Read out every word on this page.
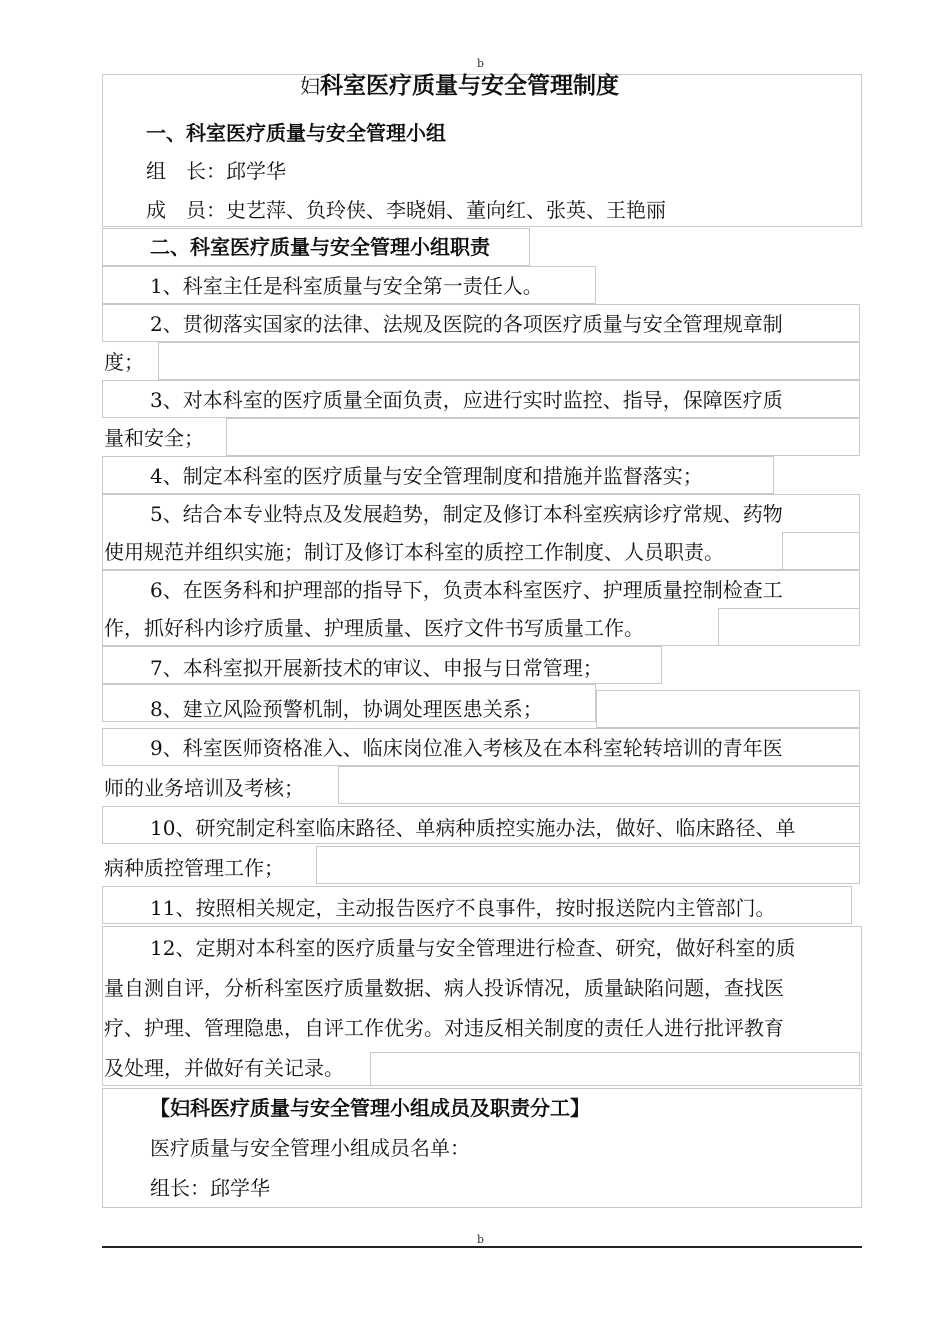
b
妇科室医疗质量与安全管理制度
一、科室医疗质量与安全管理小组
组　长：邱学华
成　员：史艺萍、负玲侠、李晓娟、董向红、张英、王艳丽
二、科室医疗质量与安全管理小组职责
1、科室主任是科室质量与安全第一责任人。
2、贯彻落实国家的法律、法规及医院的各项医疗质量与安全管理规章制
度；
3、对本科室的医疗质量全面负责，应进行实时监控、指导，保障医疗质
量和安全；
4、制定本科室的医疗质量与安全管理制度和措施并监督落实；
5、结合本专业特点及发展趋势，制定及修订本科室疾病诊疗常规、药物
使用规范并组织实施；制订及修订本科室的质控工作制度、人员职责。
6、在医务科和护理部的指导下，负责本科室医疗、护理质量控制检查工
作，抓好科内诊疗质量、护理质量、医疗文件书写质量工作。
7、本科室拟开展新技术的审议、申报与日常管理；
8、建立风险预警机制，协调处理医患关系；
9、科室医师资格准入、临床岗位准入考核及在本科室轮转培训的青年医
师的业务培训及考核；
10、研究制定科室临床路径、单病种质控实施办法，做好、临床路径、单
病种质控管理工作；
11、按照相关规定，主动报告医疗不良事件，按时报送院内主管部门。
12、定期对本科室的医疗质量与安全管理进行检查、研究，做好科室的质
量自测自评，分析科室医疗质量数据、病人投诉情况，质量缺陷问题，查找医
疗、护理、管理隐患，自评工作优劣。对违反相关制度的责任人进行批评教育
及处理，并做好有关记录。
【妇科医疗质量与安全管理小组成员及职责分工】
医疗质量与安全管理小组成员名单：
组长：邱学华
b
